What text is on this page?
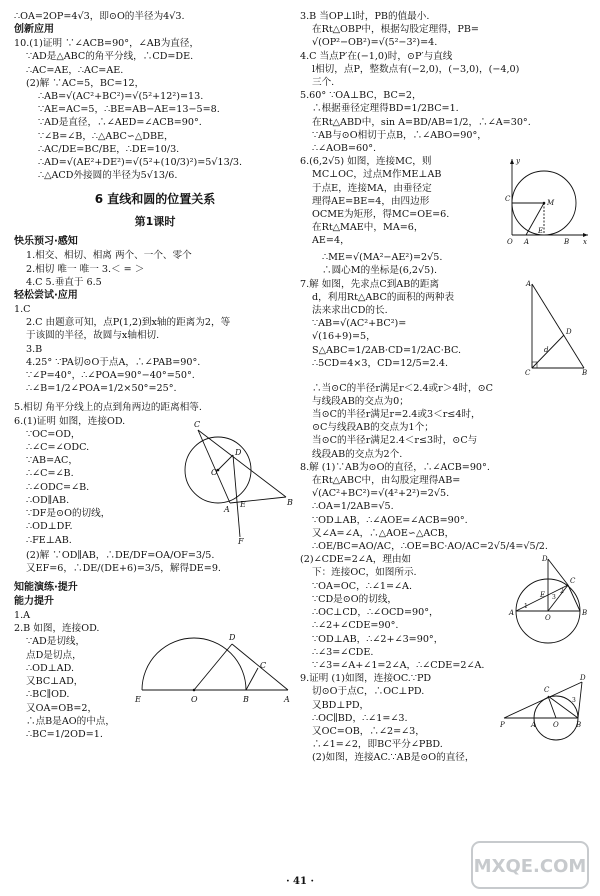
∴OA=2OP=4√3，即⊙O的半径为4√3.
创新应用
10.(1)证明 ∵∠ACB=90°，∠AB为直径，
∵AD是△ABC的角平分线，∴CD=DE.
∴AC=AE，∴AC=AE.
(2)解 ∵AC=5，BC=12，
∴AB=√(AC²+BC²)=√(5²+12²)=13.
∵AE=AC=5，∴BE=AB−AE=13−5=8.
∵AD是直径，∴∠AED=∠ACB=90°.
∵∠B=∠B，∴△ABC∽△DBE，
∴AC/DE=BC/BE，∴DE=10/3.
∴AD=√(AE²+DE²)=√(5²+(10/3)²)=5√13/3.
∴△ACD外接圆的半径为5√13/6.
6 直线和圆的位置关系
第1课时
快乐预习·感知
1.相交、相切、相离 两个、一个、零个
2.相切 唯一 唯一 3.＜ = ＞
4.C 5.垂直于 6.5
轻松尝试·应用
1.C
2.C 由题意可知，点P(1,2)到x轴的距离为2，等
于该圆的半径，故圆与x轴相切.
3.B
4.25° ∵PA切⊙O于点A，∴∠PAB=90°.
∵∠P=40°，∴∠POA=90°−40°=50°.
∴∠B=1/2∠POA=1/2×50°=25°.
5.相切 角平分线上的点到角两边的距离相等.
6.(1)证明 如图，连接OD.
∵OC=OD，
∴∠C=∠ODC.
∵AB=AC，
∴∠C=∠B.
∴∠ODC=∠B.
∴OD∥AB.
∵DF是⊙O的切线，
∴OD⊥DF.
∴FE⊥AB.
C
O
D
A
E	B
F
(2)解 ∵OD∥AB，∴DE/DF=OA/OF=3/5.
又EF=6，∴DE/(DE+6)=3/5，解得DE=9.
知能演练·提升
能力提升
1.A
2.B 如图，连接OD.
∵AD是切线，
点D是切点，
∴OD⊥AD.
又BC⊥AD，
∴BC∥OD.
又OA=OB=2，
∴点B是AO的中点，
∴BC=1/2OD=1.
E	O	B	A
C
D
3.B 当OP⊥l时，PB的值最小.
在Rt△OBP中，根据勾股定理得，PB=
√(OP²−OB²)=√(5²−3²)=4.
4.C 当点P′在(−1,0)时，⊙P′与直线
l相切，点P，整数点有(−2,0)，(−3,0)，(−4,0)
三个.
5.60° ∵OA⊥BC，BC=2，
∴根据垂径定理得BD=1/2BC=1.
在Rt△ABD中，sin A=BD/AB=1/2，∴∠A=30°.
∵AB与⊙O相切于点B，∴∠ABO=90°，
∴∠AOB=60°.
6.(6,2√5) 如图，连接MC，则
MC⊥OC，过点M作ME⊥AB
于点E，连接MA，由垂径定
理得AE=BE=4，由四边形
OCME为矩形，得MC=OE=6.
在Rt△MAE中，MA=6，
AE=4，
y
C
E
M
O A	B x
∴ME=√(MA²−AE²)=2√5.
∴圆心M的坐标是(6,2√5).
7.解 如图，先求点C到AB的距离
d，利用Rt△ABC的面积的两种表
法来求出CD的长.
∵AB=√(AC²+BC²)=
√(16+9)=5，
S△ABC=1/2AB·CD=1/2AC·BC.
∴5CD=4×3，CD=12/5=2.4.
A
D
d
C	B
∴当⊙C的半径r满足r＜2.4或r＞4时，⊙C
与线段AB的交点为0；
当⊙C的半径r满足r=2.4或3＜r≤4时，
⊙C与线段AB的交点为1个；
当⊙C的半径r满足2.4＜r≤3时，⊙C与
线段AB的交点为2个.
8.解 (1)∵AB为⊙O的直径，∴∠ACB=90°.
在Rt△ABC中，由勾股定理得AB=
√(AC²+BC²)=√(4²+2²)=2√5.
∴OA=1/2AB=√5.
∵OD⊥AB，∴∠AOE=∠ACB=90°.
又∠A=∠A，∴△AOE∽△ACB，
∴OE/BC=AO/AC，∴OE=BC·AO/AC=2√5/4=√5/2.
(2)∠CDE=2∠A，理由如
下：连接OC，如图所示.
∵OA=OC，∴∠1=∠A.
∵CD是⊙O的切线，
∴OC⊥CD，∴∠OCD=90°，
∴∠2+∠CDE=90°.
∵OD⊥AB，∴∠2+∠3=90°，
∴∠3=∠CDE.
∵∠3=∠A+∠1=2∠A，∴∠CDE=2∠A.
D
C
E 3
2
1
A
O
B
9.证明 (1)如图，连接OC.∵PD
切⊙O于点C，∴OC⊥PD.
又BD⊥PD，
∴OC∥BD，∴∠1=∠3.
又OC=OB，∴∠2=∠3，
∴∠1=∠2，即BC平分∠PBD.
(2)如图，连接AC.∵AB是⊙O的直径，
D
C
3
P	A O B
· 41 ·
MXQE.COM
